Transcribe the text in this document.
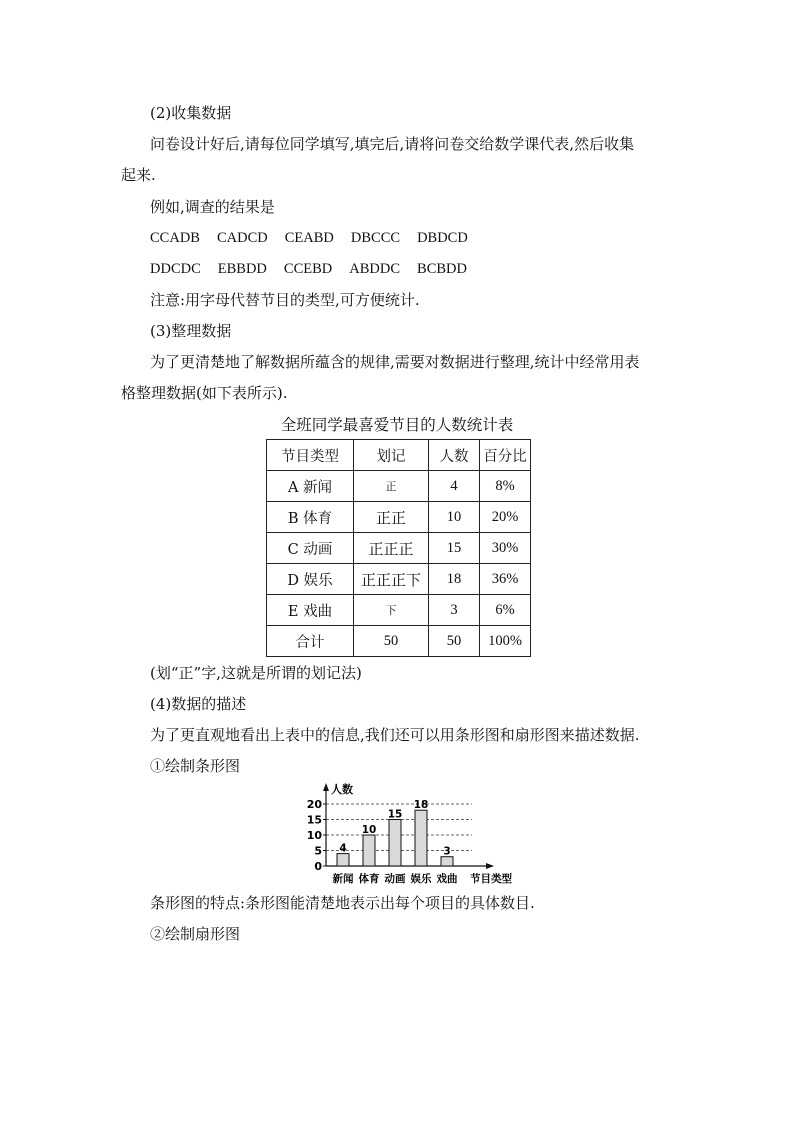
(2)收集数据
问卷设计好后,请每位同学填写,填完后,请将问卷交给数学课代表,然后收集
起来.
例如,调查的结果是
CCADB CADCD CEABD DBCCC DBDCD
DDCDC EBBDD CCEBD ABDDC BCBDD
注意:用字母代替节目的类型,可方便统计.
(3)整理数据
为了更清楚地了解数据所蕴含的规律,需要对数据进行整理,统计中经常用表
格整理数据(如下表所示).
全班同学最喜爱节目的人数统计表
节目类型	划记	人数	百分比
A 新闻	正	4	8%
B 体育	正正	10	20%
C 动画	正正正	15	30%
D 娱乐	正正正下	18	36%
E 戏曲	下	3	6%
合计	50	50	100%
(划“正”字,这就是所谓的划记法)
(4)数据的描述
为了更直观地看出上表中的信息,我们还可以用条形图和扇形图来描述数据.
①绘制条形图
0
5
10
15
20
人数
节目类型
4
新闻
10
体育
15
动画
18
娱乐
3
戏曲
条形图的特点:条形图能清楚地表示出每个项目的具体数目.
②绘制扇形图
